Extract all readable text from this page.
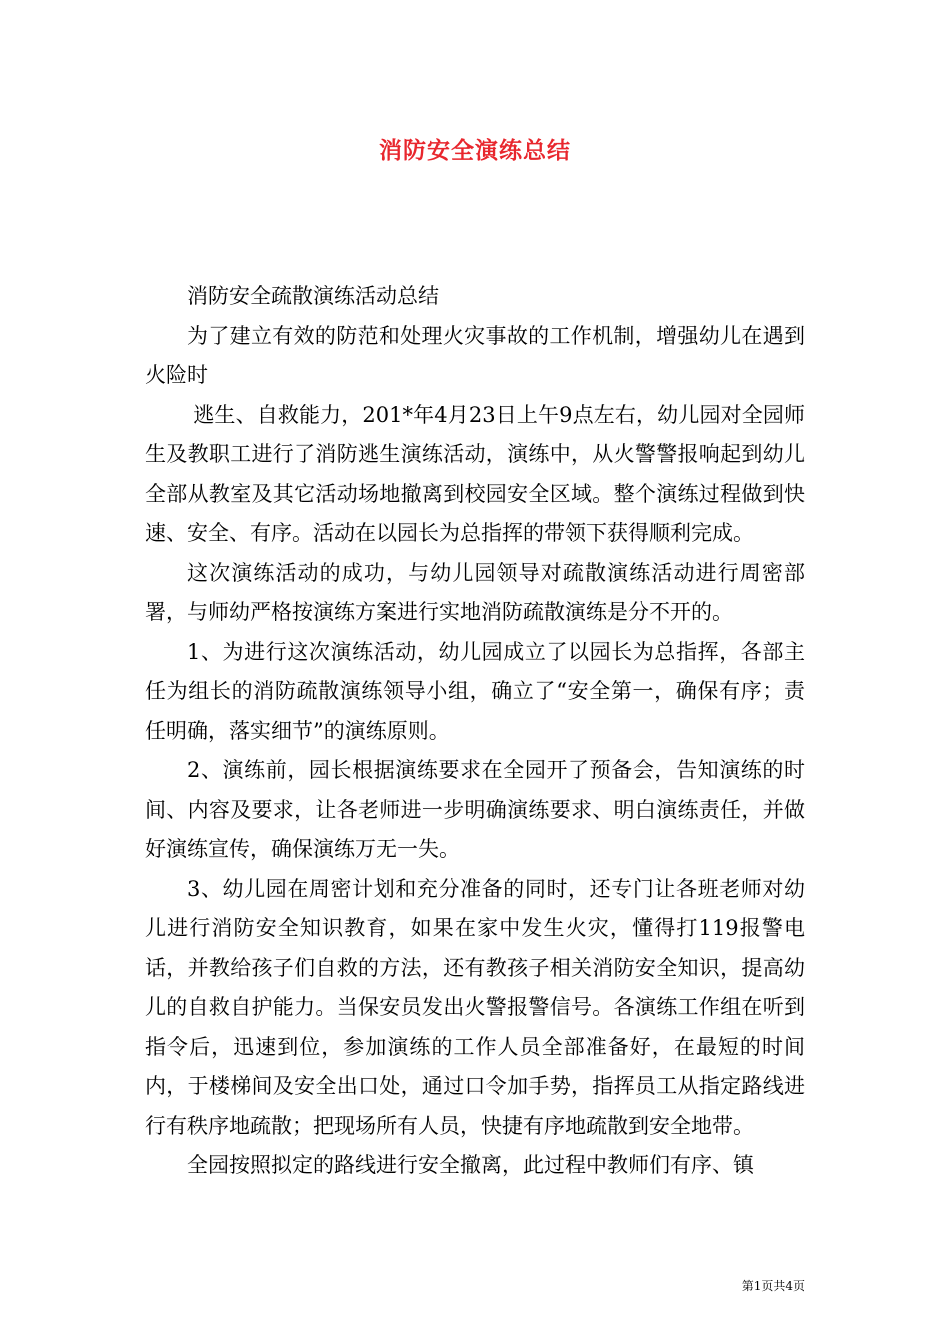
消防安全演练总结

消防安全疏散演练活动总结

为了建立有效的防范和处理火灾事故的工作机制，增强幼儿在遇到火险时

逃生、自救能力，201*年4月23日上午9点左右，幼儿园对全园师生及教职工进行了消防逃生演练活动，演练中，从火警警报响起到幼儿全部从教室及其它活动场地撤离到校园安全区域。整个演练过程做到快速、安全、有序。活动在以园长为总指挥的带领下获得顺利完成。

这次演练活动的成功，与幼儿园领导对疏散演练活动进行周密部署，与师幼严格按演练方案进行实地消防疏散演练是分不开的。

1、为进行这次演练活动，幼儿园成立了以园长为总指挥，各部主任为组长的消防疏散演练领导小组，确立了“安全第一，确保有序；责任明确，落实细节”的演练原则。

2、演练前，园长根据演练要求在全园开了预备会，告知演练的时间、内容及要求，让各老师进一步明确演练要求、明白演练责任，并做好演练宣传，确保演练万无一失。

3、幼儿园在周密计划和充分准备的同时，还专门让各班老师对幼儿进行消防安全知识教育，如果在家中发生火灾，懂得打119报警电话，并教给孩子们自救的方法，还有教孩子相关消防安全知识，提高幼儿的自救自护能力。当保安员发出火警报警信号。各演练工作组在听到指令后，迅速到位，参加演练的工作人员全部准备好，在最短的时间内，于楼梯间及安全出口处，通过口令加手势，指挥员工从指定路线进行有秩序地疏散；把现场所有人员，快捷有序地疏散到安全地带。

全园按照拟定的路线进行安全撤离，此过程中教师们有序、镇

第1页共4页
